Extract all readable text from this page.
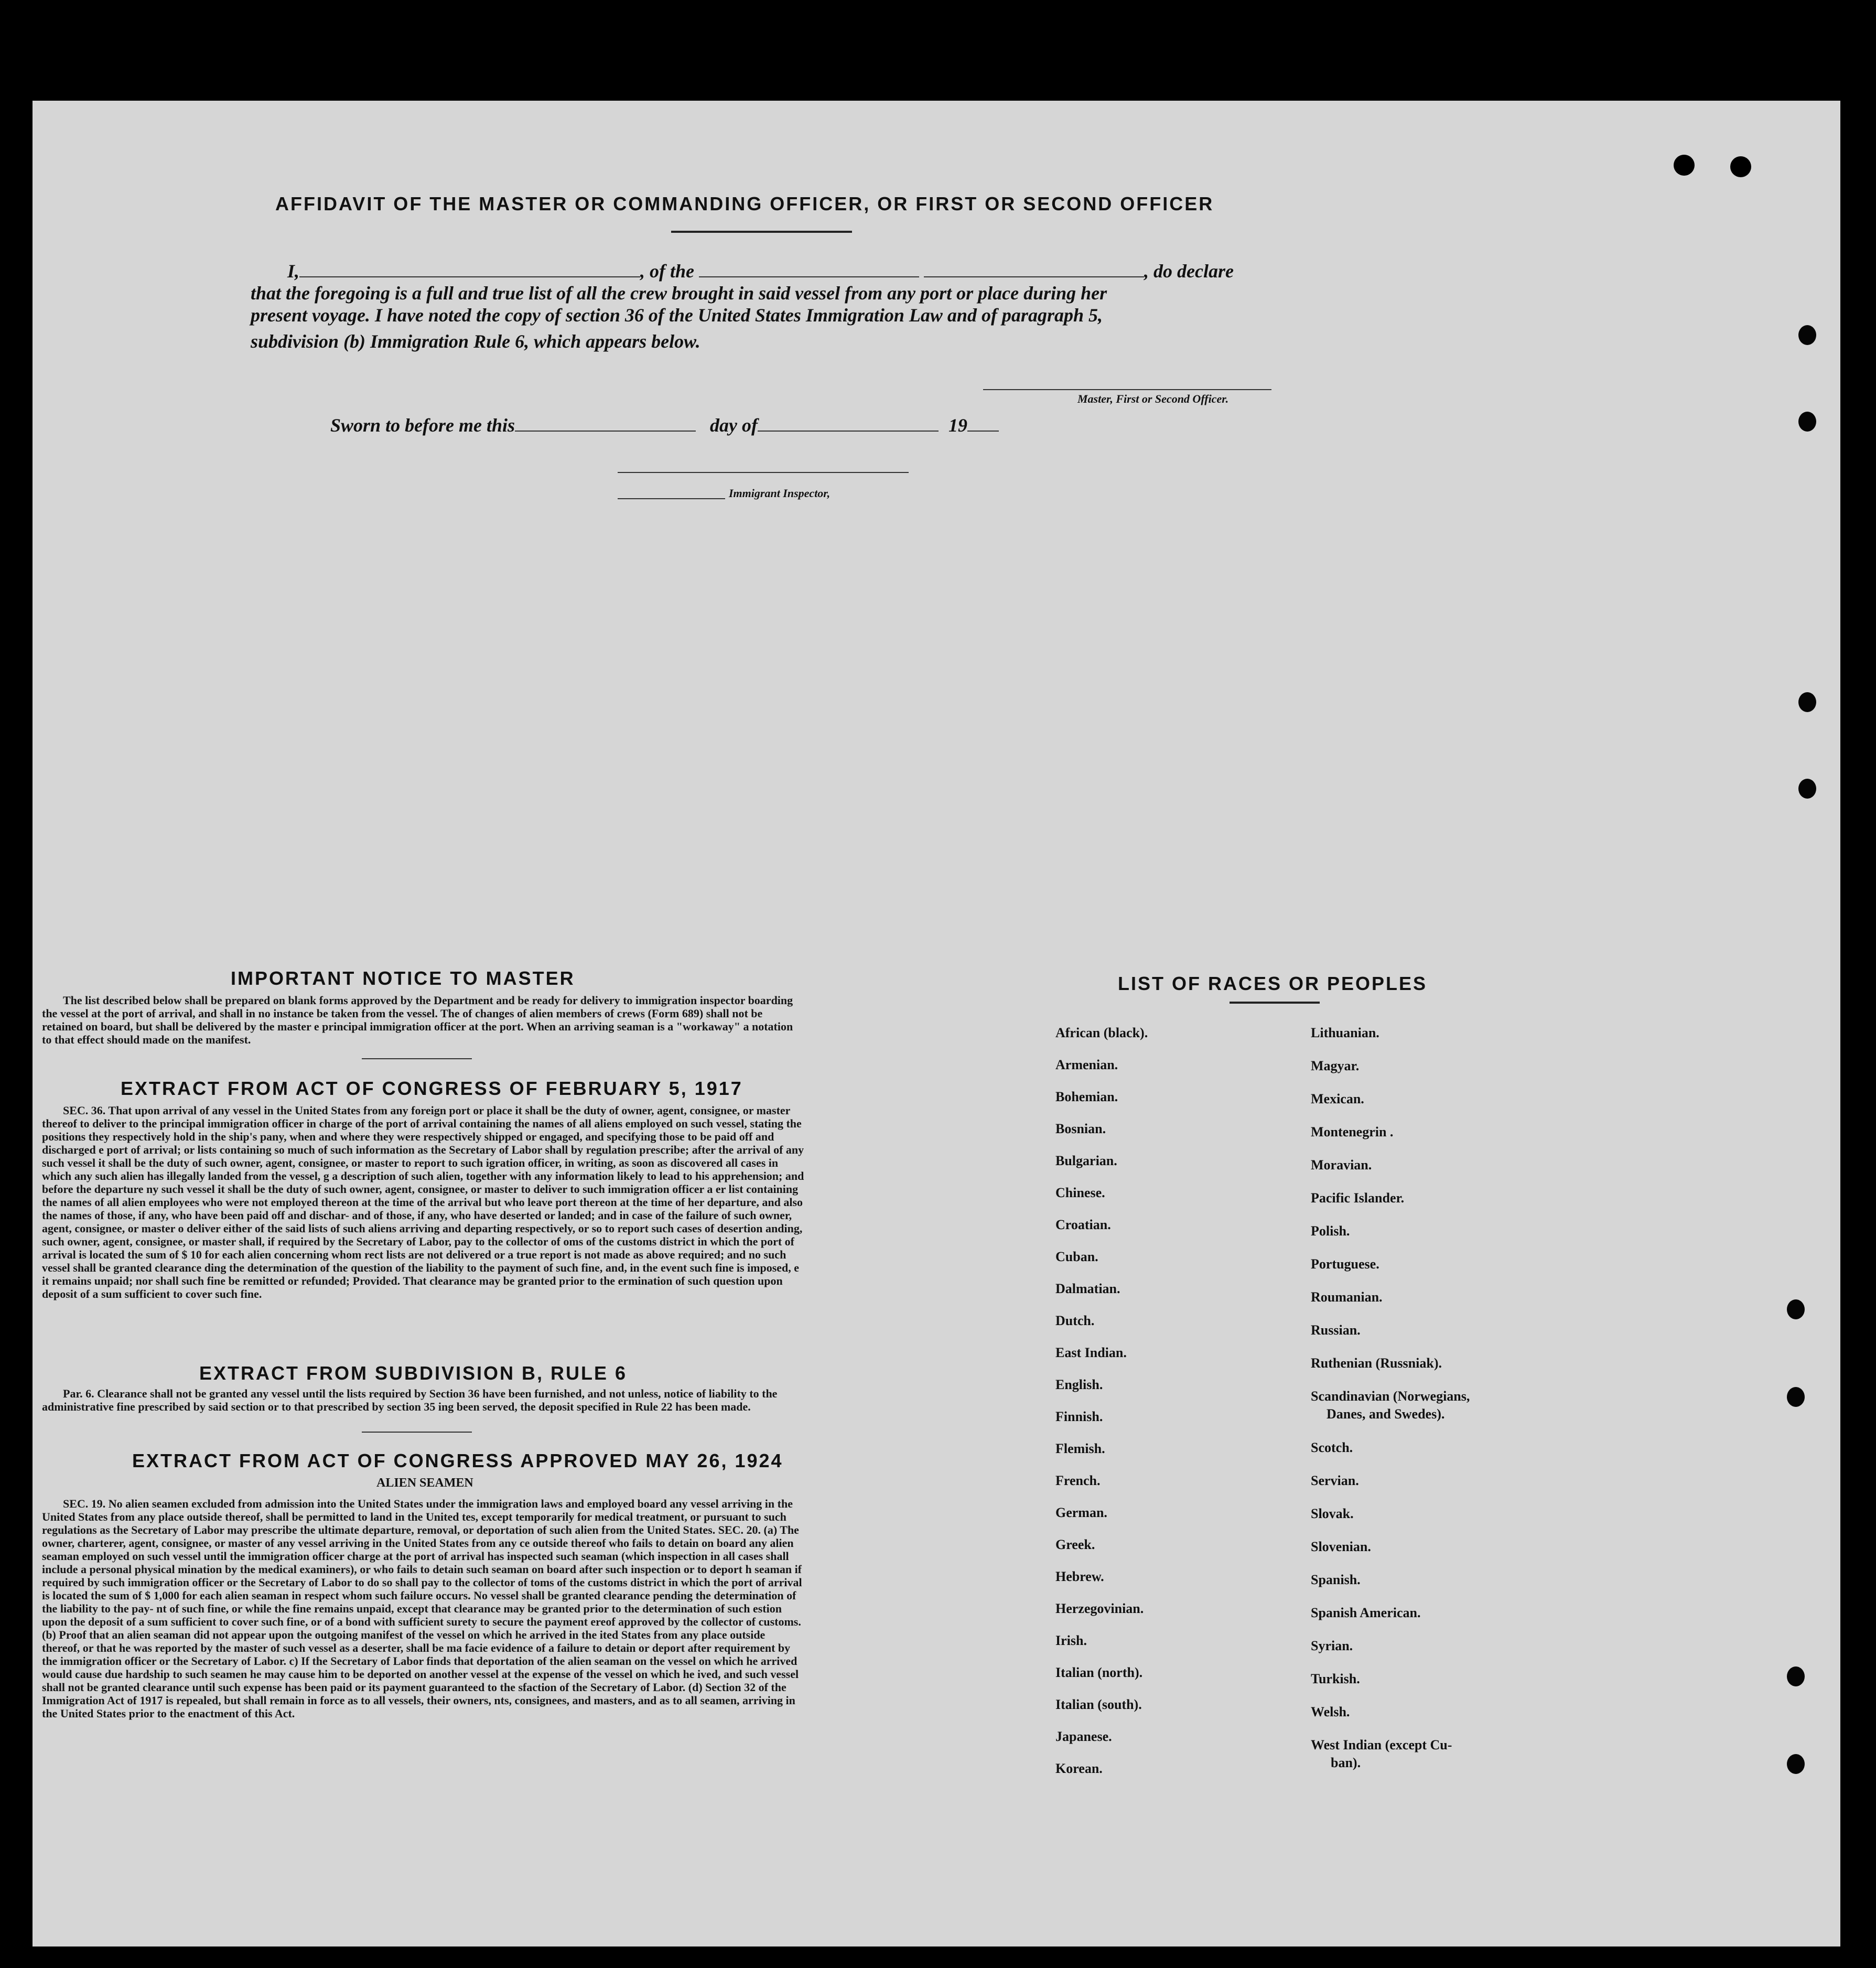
AFFIDAVIT OF THE MASTER OR COMMANDING OFFICER, OR FIRST OR SECOND OFFICER
I,	, of the	, do declare
that the foregoing is a full and true list of all the crew brought in said vessel from any port or place during her
present voyage. I have noted the copy of section 36 of the United States Immigration Law and of paragraph 5,
subdivision (b) Immigration Rule 6, which appears below.
Master, First or Second Officer.
Sworn to before me this	day of	19
Immigrant Inspector,
IMPORTANT NOTICE TO MASTER

The list described below shall be prepared on blank forms approved by the Department and be ready for delivery to immigration inspector boarding the vessel at the port of arrival, and shall in no instance be taken from the vessel. The of changes of alien members of crews (Form 689) shall not be retained on board, but shall be delivered by the master e principal immigration officer at the port. When an arriving seaman is a "workaway" a notation to that effect should made on the manifest.

EXTRACT FROM ACT OF CONGRESS OF FEBRUARY 5, 1917

SEC. 36. That upon arrival of any vessel in the United States from any foreign port or place it shall be the duty of owner, agent, consignee, or master thereof to deliver to the principal immigration officer in charge of the port of arrival containing the names of all aliens employed on such vessel, stating the positions they respectively hold in the ship's pany, when and where they were respectively shipped or engaged, and specifying those to be paid off and discharged e port of arrival; or lists containing so much of such information as the Secretary of Labor shall by regulation prescribe; after the arrival of any such vessel it shall be the duty of such owner, agent, consignee, or master to report to such igration officer, in writing, as soon as discovered all cases in which any such alien has illegally landed from the vessel, g a description of such alien, together with any information likely to lead to his apprehension; and before the departure ny such vessel it shall be the duty of such owner, agent, consignee, or master to deliver to such immigration officer a er list containing the names of all alien employees who were not employed thereon at the time of the arrival but who leave port thereon at the time of her departure, and also the names of those, if any, who have been paid off and dischar- and of those, if any, who have deserted or landed; and in case of the failure of such owner, agent, consignee, or master o deliver either of the said lists of such aliens arriving and departing respectively, or so to report such cases of desertion anding, such owner, agent, consignee, or master shall, if required by the Secretary of Labor, pay to the collector of oms of the customs district in which the port of arrival is located the sum of $ 10 for each alien concerning whom rect lists are not delivered or a true report is not made as above required; and no such vessel shall be granted clearance ding the determination of the question of the liability to the payment of such fine, and, in the event such fine is imposed, e it remains unpaid; nor shall such fine be remitted or refunded; Provided. That clearance may be granted prior to the ermination of such question upon deposit of a sum sufficient to cover such fine.

EXTRACT FROM SUBDIVISION B, RULE 6

Par. 6. Clearance shall not be granted any vessel until the lists required by Section 36 have been furnished, and not unless, notice of liability to the administrative fine prescribed by said section or to that prescribed by section 35 ing been served, the deposit specified in Rule 22 has been made.

EXTRACT FROM ACT OF CONGRESS APPROVED MAY 26, 1924
ALIEN SEAMEN

SEC. 19. No alien seamen excluded from admission into the United States under the immigration laws and employed board any vessel arriving in the United States from any place outside thereof, shall be permitted to land in the United tes, except temporarily for medical treatment, or pursuant to such regulations as the Secretary of Labor may prescribe the ultimate departure, removal, or deportation of such alien from the United States. SEC. 20. (a) The owner, charterer, agent, consignee, or master of any vessel arriving in the United States from any ce outside thereof who fails to detain on board any alien seaman employed on such vessel until the immigration officer charge at the port of arrival has inspected such seaman (which inspection in all cases shall include a personal physical mination by the medical examiners), or who fails to detain such seaman on board after such inspection or to deport h seaman if required by such immigration officer or the Secretary of Labor to do so shall pay to the collector of toms of the customs district in which the port of arrival is located the sum of $ 1,000 for each alien seaman in respect whom such failure occurs. No vessel shall be granted clearance pending the determination of the liability to the pay- nt of such fine, or while the fine remains unpaid, except that clearance may be granted prior to the determination of such estion upon the deposit of a sum sufficient to cover such fine, or of a bond with sufficient surety to secure the payment ereof approved by the collector of customs. (b) Proof that an alien seaman did not appear upon the outgoing manifest of the vessel on which he arrived in the ited States from any place outside thereof, or that he was reported by the master of such vessel as a deserter, shall be ma facie evidence of a failure to detain or deport after requirement by the immigration officer or the Secretary of Labor. c) If the Secretary of Labor finds that deportation of the alien seaman on the vessel on which he arrived would cause due hardship to such seamen he may cause him to be deported on another vessel at the expense of the vessel on which he ived, and such vessel shall not be granted clearance until such expense has been paid or its payment guaranteed to the sfaction of the Secretary of Labor. (d) Section 32 of the Immigration Act of 1917 is repealed, but shall remain in force as to all vessels, their owners, nts, consignees, and masters, and as to all seamen, arriving in the United States prior to the enactment of this Act.

LIST OF RACES OR PEOPLES
African (black).
Armenian.
Bohemian.
Bosnian.
Bulgarian.
Chinese.
Croatian.
Cuban.
Dalmatian.
Dutch.
East Indian.
English.
Finnish.
Flemish.
French.
German.
Greek.
Hebrew.
Herzegovinian.
Irish.
Italian (north).
Italian (south).
Japanese.
Korean.
Lithuanian.
Magyar.
Mexican.
Montenegrin .
Moravian.
Pacific Islander.
Polish.
Portuguese.
Roumanian.
Russian.
Ruthenian (Russniak).
Scandinavian (Norwegians,
Danes, and Swedes).
Scotch.
Servian.
Slovak.
Slovenian.
Spanish.
Spanish American.
Syrian.
Turkish.
Welsh.
West Indian (except Cu-
ban).
